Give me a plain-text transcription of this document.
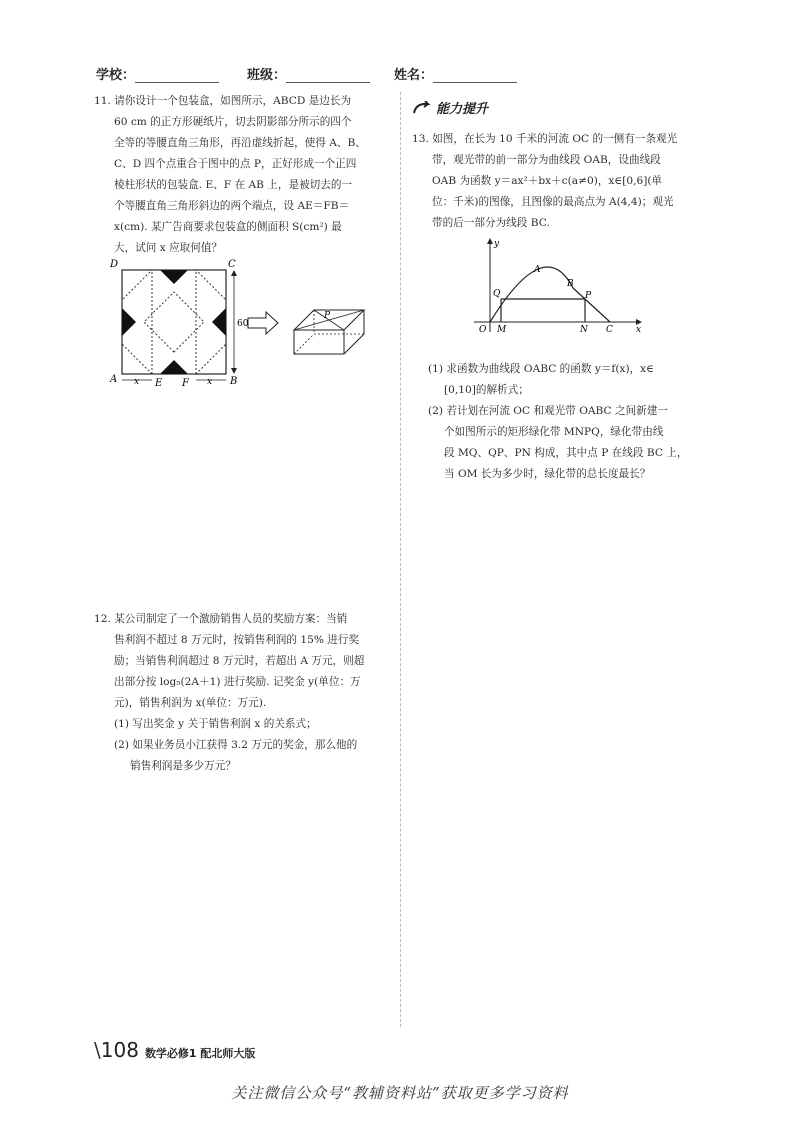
学校：	班级：	姓名：

11. 请你设计一个包装盒，如图所示，ABCD 是边长为

60 cm 的正方形硬纸片，切去阴影部分所示的四个

全等的等腰直角三角形，再沿虚线折起，使得 A、B、

C、D 四个点重合于图中的点 P，正好形成一个正四

棱柱形状的包装盒. E、F 在 AB 上，是被切去的一

个等腰直角三角形斜边的两个端点，设 AE＝FB＝

x(cm). 某广告商要求包装盒的侧面积 S(cm²) 最

大，试问 x 应取何值？

D	C
A	B
E F
60
x	x
P

12. 某公司制定了一个激励销售人员的奖励方案：当销

售利润不超过 8 万元时，按销售利润的 15% 进行奖

励；当销售利润超过 8 万元时，若超出 A 万元，则超

出部分按 log₅(2A＋1) 进行奖励. 记奖金 y(单位：万

元)，销售利润为 x(单位：万元).

(1) 写出奖金 y 关于销售利润 x 的关系式；

(2) 如果业务员小江获得 3.2 万元的奖金，那么他的

销售利润是多少万元？

能力提升

13. 如图，在长为 10 千米的河流 OC 的一侧有一条观光

带，观光带的前一部分为曲线段 OAB，设曲线段

OAB 为函数 y＝ax²＋bx＋c(a≠0)，x∈[0,6](单

位：千米)的图像，且图像的最高点为 A(4,4)；观光

带的后一部分为线段 BC.

y
x
O M	N C
A
B
P
Q

(1) 求函数为曲线段 OABC 的函数 y＝f(x)，x∈

[0,10]的解析式；

(2) 若计划在河流 OC 和观光带 OABC 之间新建一

个如图所示的矩形绿化带 MNPQ，绿化带由线

段 MQ、QP、PN 构成，其中点 P 在线段 BC 上，

当 OM 长为多少时，绿化带的总长度最长？

\108 数学必修1 配北师大版
关注微信公众号“教辅资料站”获取更多学习资料
